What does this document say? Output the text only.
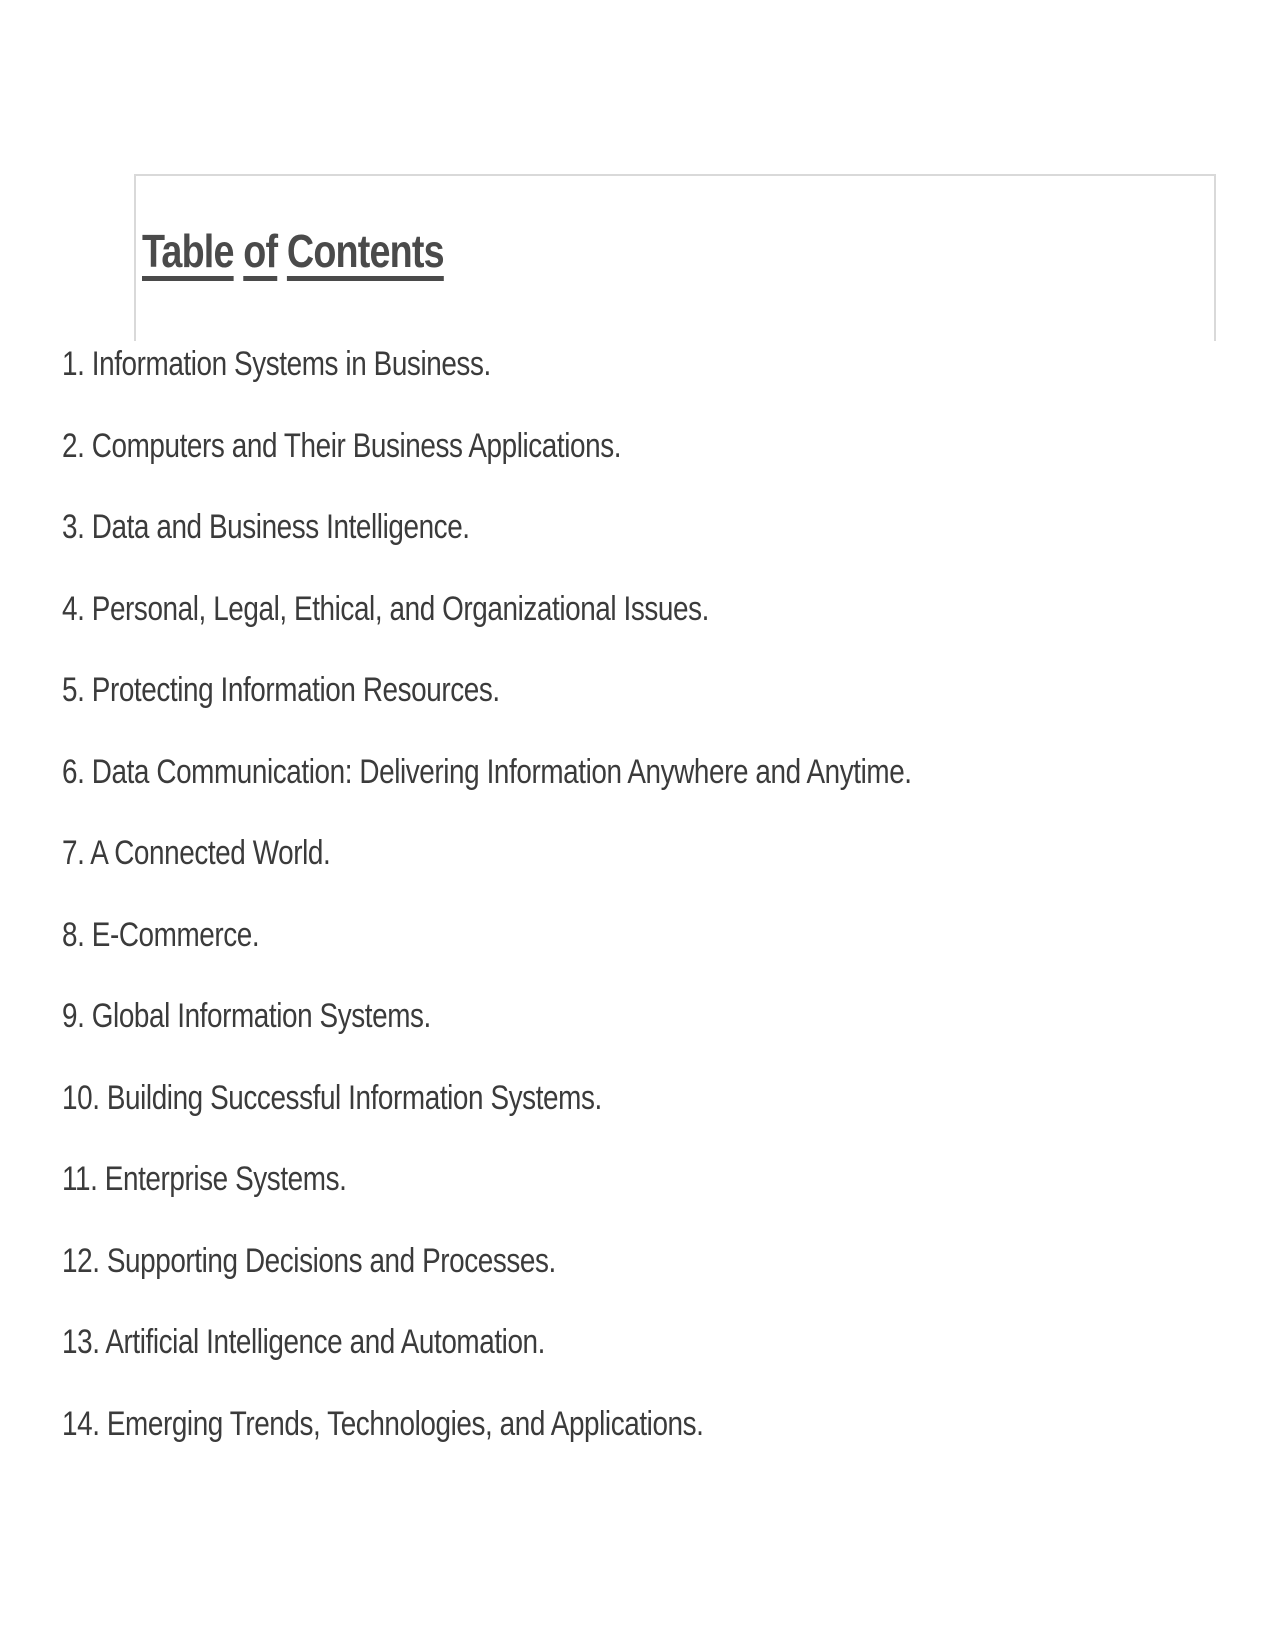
Table of Contents
1. Information Systems in Business.
2. Computers and Their Business Applications.
3. Data and Business Intelligence.
4. Personal, Legal, Ethical, and Organizational Issues.
5. Protecting Information Resources.
6. Data Communication: Delivering Information Anywhere and Anytime.
7. A Connected World.
8. E-Commerce.
9. Global Information Systems.
10. Building Successful Information Systems.
11. Enterprise Systems.
12. Supporting Decisions and Processes.
13. Artificial Intelligence and Automation.
14. Emerging Trends, Technologies, and Applications.
